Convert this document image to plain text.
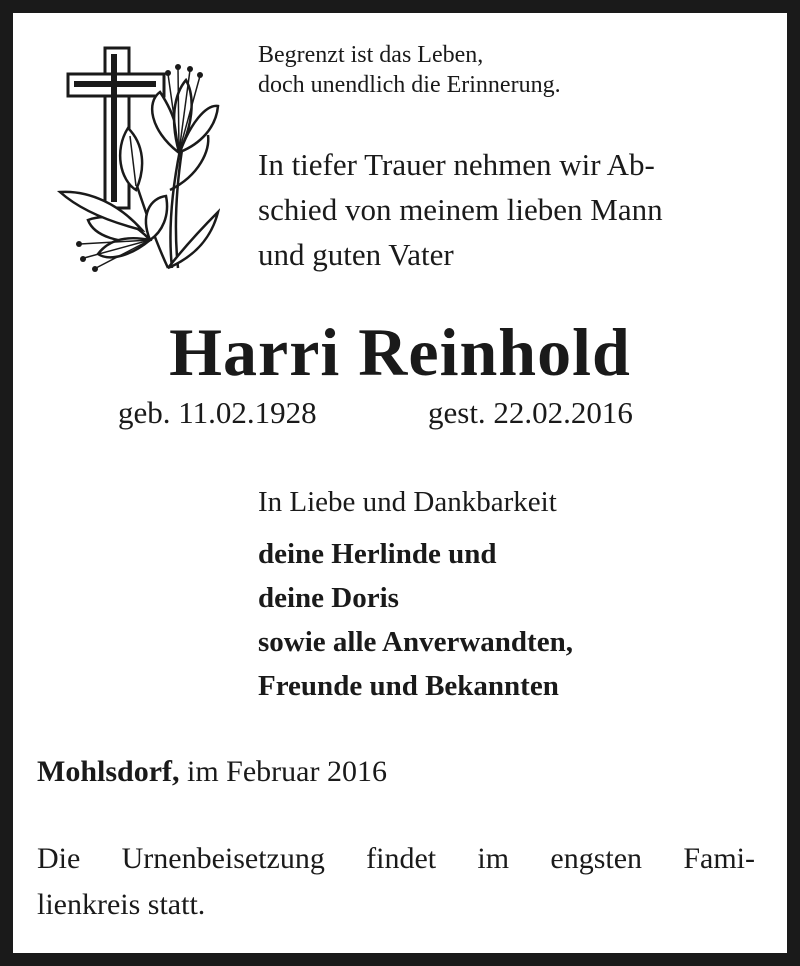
Begrenzt ist das Leben,
doch unendlich die Erinnerung.
In tiefer Trauer nehmen wir Ab-
schied von meinem lieben Mann
und guten Vater
Harri Reinhold
geb. 11.02.1928	gest. 22.02.2016
In Liebe und Dankbarkeit
deine Herlinde und
deine Doris
sowie alle Anverwandten,
Freunde und Bekannten
Mohlsdorf, im Februar 2016
Die Urnenbeisetzung findet im engsten Fami-
lienkreis statt.
